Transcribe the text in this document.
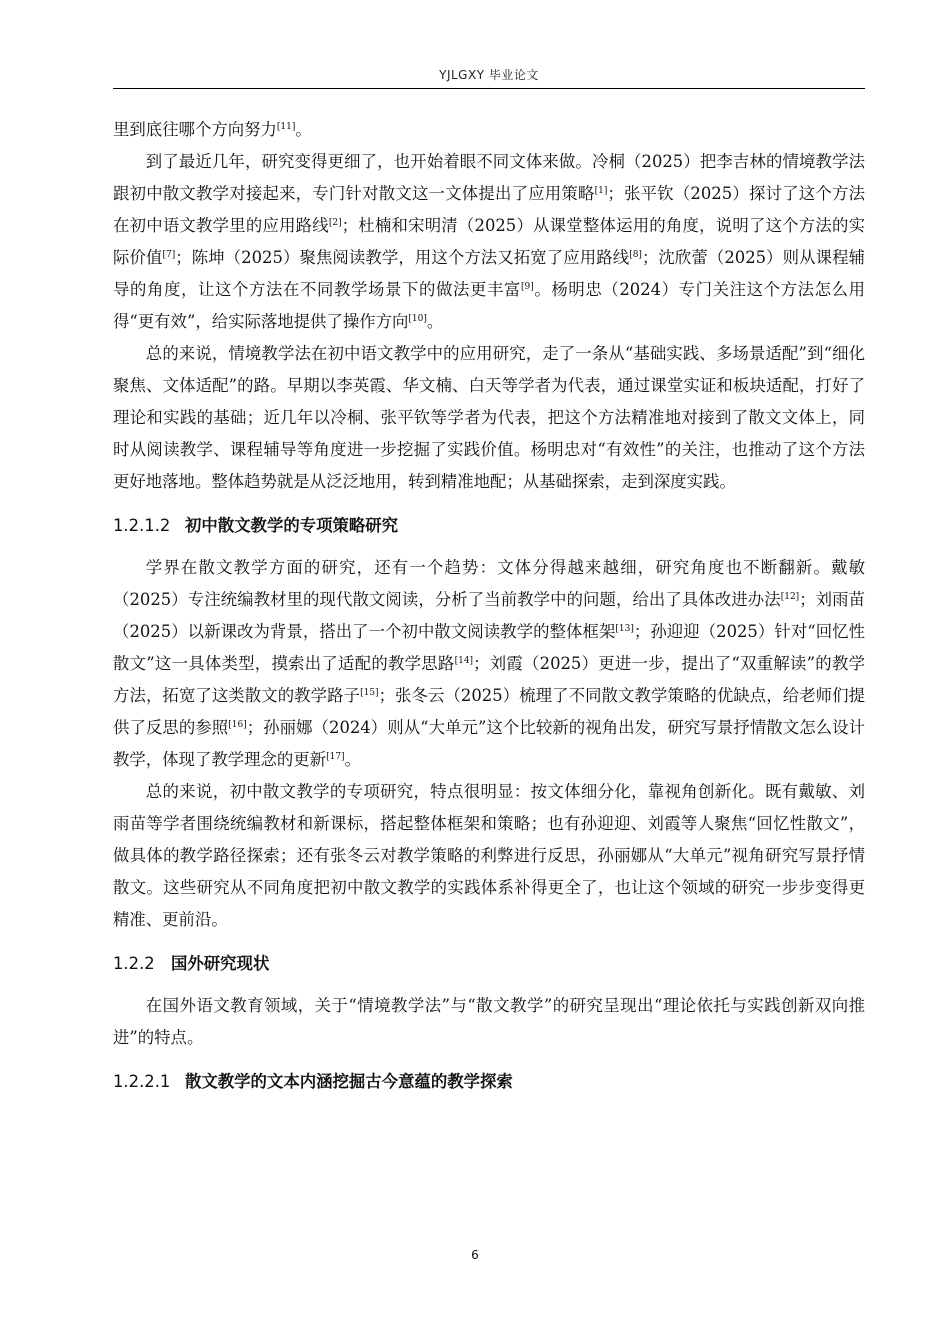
YJLGXY 毕业论文

里到底往哪个方向努力[11]。

到了最近几年，研究变得更细了，也开始着眼不同文体来做。冷桐（2025）把李吉林的情境教学法跟初中散文教学对接起来，专门针对散文这一文体提出了应用策略[1]；张平钦（2025）探讨了这个方法在初中语文教学里的应用路线[2]；杜楠和宋明清（2025）从课堂整体运用的角度，说明了这个方法的实际价值[7]；陈坤（2025）聚焦阅读教学，用这个方法又拓宽了应用路线[8]；沈欣蕾（2025）则从课程辅导的角度，让这个方法在不同教学场景下的做法更丰富[9]。杨明忠（2024）专门关注这个方法怎么用得“更有效”，给实际落地提供了操作方向[10]。

总的来说，情境教学法在初中语文教学中的应用研究，走了一条从“基础实践、多场景适配”到“细化聚焦、文体适配”的路。早期以李英霞、华文楠、白天等学者为代表，通过课堂实证和板块适配，打好了理论和实践的基础；近几年以冷桐、张平钦等学者为代表，把这个方法精准地对接到了散文文体上，同时从阅读教学、课程辅导等角度进一步挖掘了实践价值。杨明忠对“有效性”的关注，也推动了这个方法更好地落地。整体趋势就是从泛泛地用，转到精准地配；从基础探索，走到深度实践。

1.2.1.2 初中散文教学的专项策略研究

学界在散文教学方面的研究，还有一个趋势：文体分得越来越细，研究角度也不断翻新。戴敏（2025）专注统编教材里的现代散文阅读，分析了当前教学中的问题，给出了具体改进办法[12]；刘雨苗（2025）以新课改为背景，搭出了一个初中散文阅读教学的整体框架[13]；孙迎迎（2025）针对“回忆性散文”这一具体类型，摸索出了适配的教学思路[14]；刘霞（2025）更进一步，提出了“双重解读”的教学方法，拓宽了这类散文的教学路子[15]；张冬云（2025）梳理了不同散文教学策略的优缺点，给老师们提供了反思的参照[16]；孙丽娜（2024）则从“大单元”这个比较新的视角出发，研究写景抒情散文怎么设计教学，体现了教学理念的更新[17]。

总的来说，初中散文教学的专项研究，特点很明显：按文体细分化，靠视角创新化。既有戴敏、刘雨苗等学者围绕统编教材和新课标，搭起整体框架和策略；也有孙迎迎、刘霞等人聚焦“回忆性散文”，做具体的教学路径探索；还有张冬云对教学策略的利弊进行反思，孙丽娜从“大单元”视角研究写景抒情散文。这些研究从不同角度把初中散文教学的实践体系补得更全了，也让这个领域的研究一步步变得更精准、更前沿。

1.2.2 国外研究现状

在国外语文教育领域，关于“情境教学法”与“散文教学”的研究呈现出“理论依托与实践创新双向推进”的特点。

1.2.2.1 散文教学的文本内涵挖掘古今意蕴的教学探索

6
